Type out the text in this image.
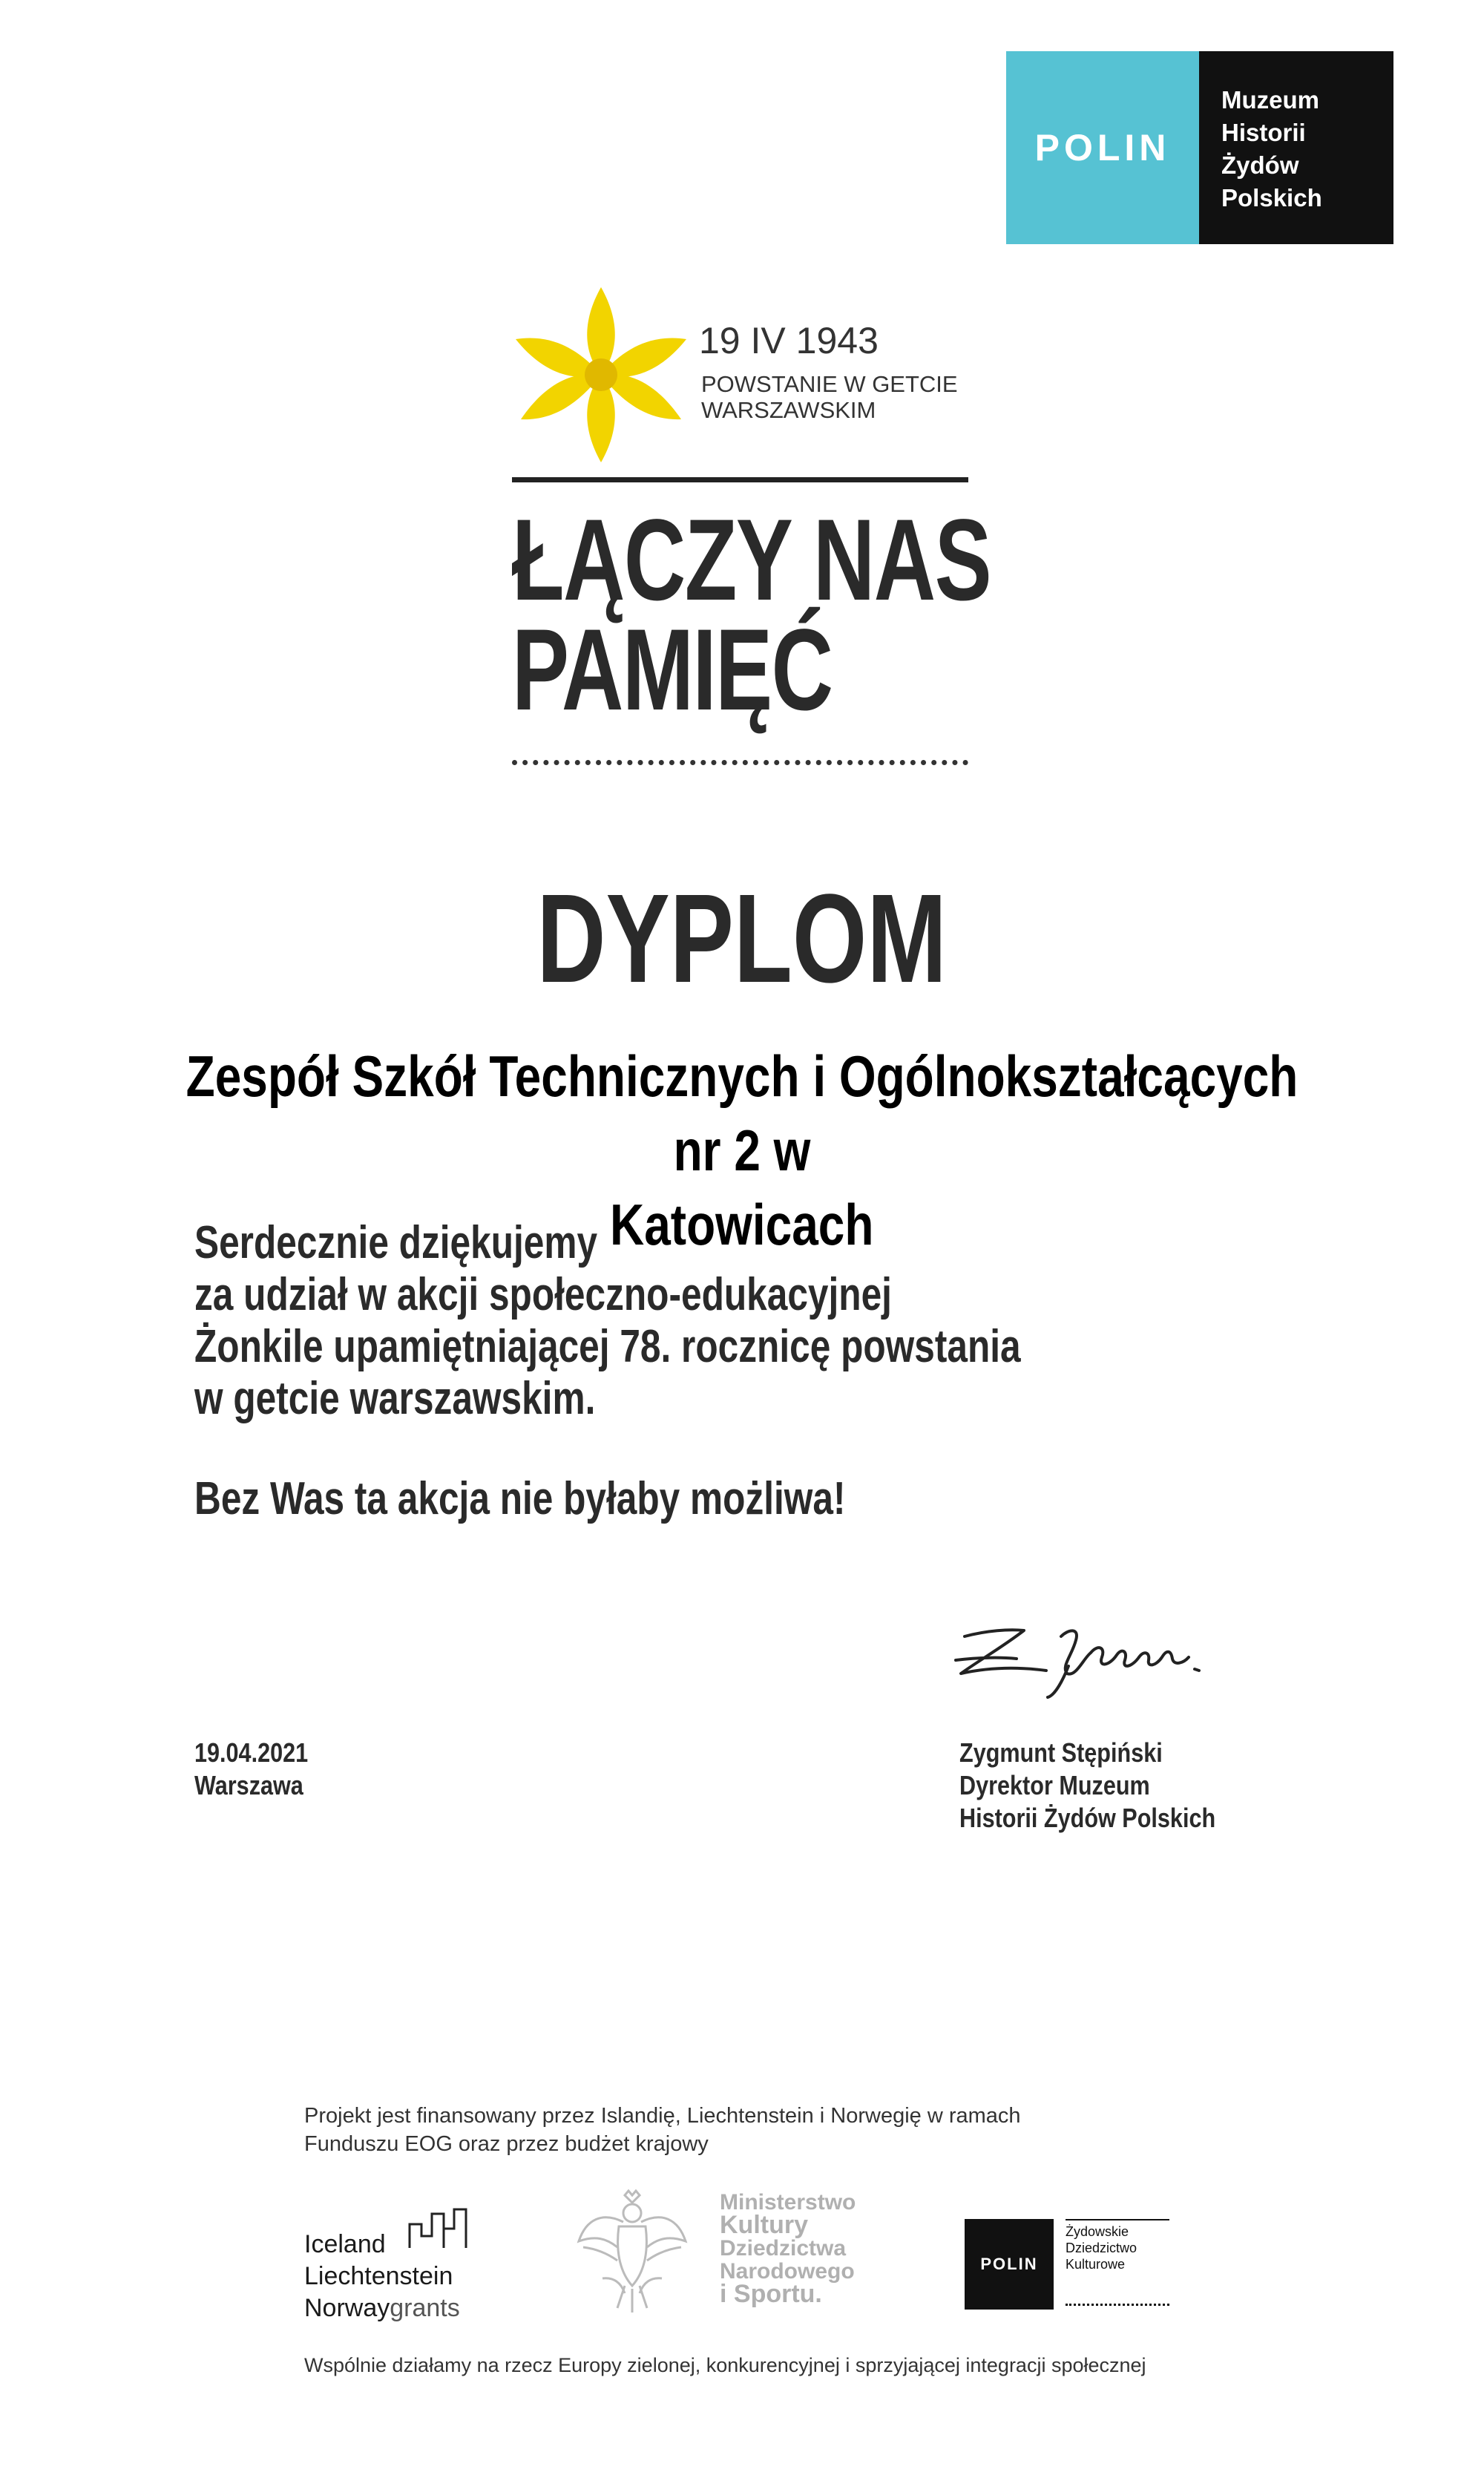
POLIN
Muzeum
Historii
Żydów
Polskich
19 IV 1943
POWSTANIE W GETCIE
WARSZAWSKIM
ŁĄCZY NAS
PAMIĘĆ
DYPLOM
Zespół Szkół Technicznych i Ogólnokształcących nr 2 w

Katowicach
Serdecznie dziękujemy
za udział w akcji społeczno-edukacyjnej
Żonkile upamiętniającej 78. rocznicę powstania
w getcie warszawskim.
Bez Was ta akcja nie byłaby możliwa!
19.04.2021
Warszawa
Zygmunt Stępiński
Dyrektor Muzeum
Historii Żydów Polskich
Projekt jest finansowany przez Islandię, Liechtenstein i Norwegię w ramach
Funduszu EOG oraz przez budżet krajowy
Iceland
Liechtenstein
Norwaygrants
Ministerstwo
Kultury
Dziedzictwa
Narodowego
i Sportu.
POLIN
Żydowskie
Dziedzictwo
Kulturowe
Wspólnie działamy na rzecz Europy zielonej, konkurencyjnej i sprzyjającej integracji społecznej
